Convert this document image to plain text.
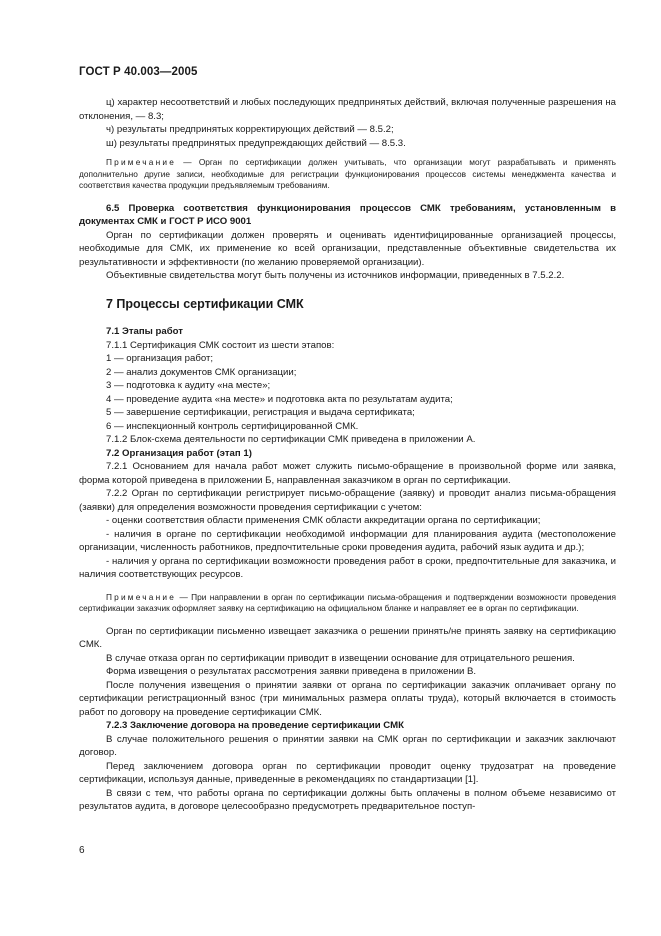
ГОСТ Р 40.003—2005

ц) характер несоответствий и любых последующих предпринятых действий, включая полученные разрешения на отклонения, — 8.3;

ч) результаты предпринятых корректирующих действий — 8.5.2;

ш) результаты предпринятых предупреждающих действий — 8.5.3.

Примечание — Орган по сертификации должен учитывать, что организации могут разрабатывать и применять дополнительно другие записи, необходимые для регистрации функционирования процессов системы менеджмента качества и соответствия качества продукции предъявляемым требованиям.

6.5 Проверка соответствия функционирования процессов СМК требованиям, установленным в документах СМК и ГОСТ Р ИСО 9001

Орган по сертификации должен проверять и оценивать идентифицированные организацией процессы, необходимые для СМК, их применение ко всей организации, представленные объективные свидетельства их результативности и эффективности (по желанию проверяемой организации).

Объективные свидетельства могут быть получены из источников информации, приведенных в 7.5.2.2.

7 Процессы сертификации СМК

7.1 Этапы работ

7.1.1 Сертификация СМК состоит из шести этапов:

1 — организация работ;

2 — анализ документов СМК организации;

3 — подготовка к аудиту «на месте»;

4 — проведение аудита «на месте» и подготовка акта по результатам аудита;

5 — завершение сертификации, регистрация и выдача сертификата;

6 — инспекционный контроль сертифицированной СМК.

7.1.2 Блок-схема деятельности по сертификации СМК приведена в приложении А.

7.2 Организация работ (этап 1)

7.2.1 Основанием для начала работ может служить письмо-обращение в произвольной форме или заявка, форма которой приведена в приложении Б, направленная заказчиком в орган по сертификации.

7.2.2 Орган по сертификации регистрирует письмо-обращение (заявку) и проводит анализ письма-обращения (заявки) для определения возможности проведения сертификации с учетом:

- оценки соответствия области применения СМК области аккредитации органа по сертификации;

- наличия в органе по сертификации необходимой информации для планирования аудита (местоположение организации, численность работников, предпочтительные сроки проведения аудита, рабочий язык аудита и др.);

- наличия у органа по сертификации возможности проведения работ в сроки, предпочтительные для заказчика, и наличия соответствующих ресурсов.

Примечание — При направлении в орган по сертификации письма-обращения и подтверждении возможности проведения сертификации заказчик оформляет заявку на сертификацию на официальном бланке и направляет ее в орган по сертификации.

Орган по сертификации письменно извещает заказчика о решении принять/не принять заявку на сертификацию СМК.

В случае отказа орган по сертификации приводит в извещении основание для отрицательного решения.

Форма извещения о результатах рассмотрения заявки приведена в приложении В.

После получения извещения о принятии заявки от органа по сертификации заказчик оплачивает органу по сертификации регистрационный взнос (три минимальных размера оплаты труда), который включается в стоимость работ по договору на проведение сертификации СМК.

7.2.3 Заключение договора на проведение сертификации СМК

В случае положительного решения о принятии заявки на СМК орган по сертификации и заказчик заключают договор.

Перед заключением договора орган по сертификации проводит оценку трудозатрат на проведение сертификации, используя данные, приведенные в рекомендациях по стандартизации [1].

В связи с тем, что работы органа по сертификации должны быть оплачены в полном объеме независимо от результатов аудита, в договоре целесообразно предусмотреть предварительное поступ-

6
